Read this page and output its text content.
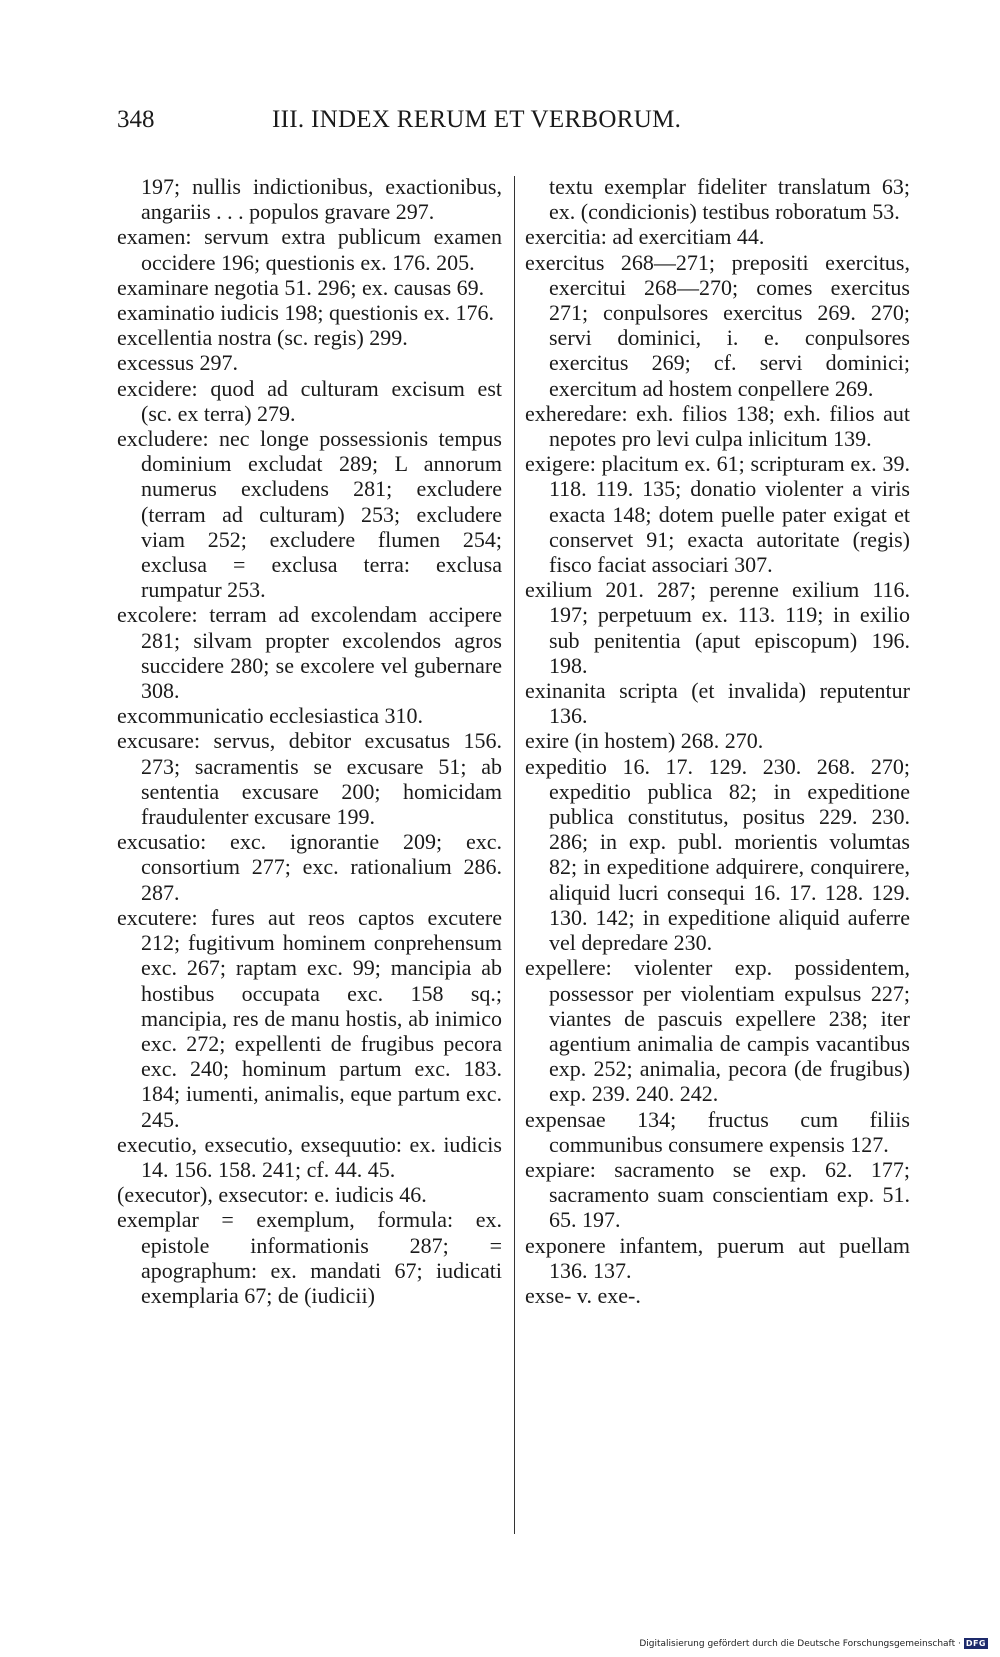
348	III. INDEX RERUM ET VERBORUM.

197; nullis indictionibus, exactionibus, angariis . . . populos gravare 297.

examen: servum extra publicum examen occidere 196; questionis ex. 176. 205.

examinare negotia 51. 296; ex. causas 69.

examinatio iudicis 198; questionis ex. 176.

excellentia nostra (sc. regis) 299.

excessus 297.

excidere: quod ad culturam excisum est (sc. ex terra) 279.

excludere: nec longe possessionis tempus dominium excludat 289; L annorum numerus excludens 281; excludere (terram ad culturam) 253; excludere viam 252; excludere flumen 254; exclusa = exclusa terra: exclusa rumpatur 253.

excolere: terram ad excolendam accipere 281; silvam propter excolendos agros succidere 280; se excolere vel gubernare 308.

excommunicatio ecclesiastica 310.

excusare: servus, debitor excusatus 156. 273; sacramentis se excusare 51; ab sententia excusare 200; homicidam fraudulenter excusare 199.

excusatio: exc. ignorantie 209; exc. consortium 277; exc. rationalium 286. 287.

excutere: fures aut reos captos excutere 212; fugitivum hominem conprehensum exc. 267; raptam exc. 99; mancipia ab hostibus occupata exc. 158 sq.; mancipia, res de manu hostis, ab inimico exc. 272; expellenti de frugibus pecora exc. 240; hominum partum exc. 183. 184; iumenti, animalis, eque partum exc. 245.

executio, exsecutio, exsequutio: ex. iudicis 14. 156. 158. 241; cf. 44. 45.

(executor), exsecutor: e. iudicis 46.

exemplar = exemplum, formula: ex. epistole informationis 287; = apographum: ex. mandati 67; iudicati exemplaria 67; de (iudicii)

textu exemplar fideliter translatum 63; ex. (condicionis) testibus roboratum 53.

exercitia: ad exercitiam 44.

exercitus 268—271; prepositi exercitus, exercitui 268—270; comes exercitus 271; conpulsores exercitus 269. 270; servi dominici, i. e. conpulsores exercitus 269; cf. servi dominici; exercitum ad hostem conpellere 269.

exheredare: exh. filios 138; exh. filios aut nepotes pro levi culpa inlicitum 139.

exigere: placitum ex. 61; scripturam ex. 39. 118. 119. 135; donatio violenter a viris exacta 148; dotem puelle pater exigat et conservet 91; exacta autoritate (regis) fisco faciat associari 307.

exilium 201. 287; perenne exilium 116. 197; perpetuum ex. 113. 119; in exilio sub penitentia (aput episcopum) 196. 198.

exinanita scripta (et invalida) reputentur 136.

exire (in hostem) 268. 270.

expeditio 16. 17. 129. 230. 268. 270; expeditio publica 82; in expeditione publica constitutus, positus 229. 230. 286; in exp. publ. morientis volumtas 82; in expeditione adquirere, conquirere, aliquid lucri consequi 16. 17. 128. 129. 130. 142; in expeditione aliquid auferre vel depredare 230.

expellere: violenter exp. possidentem, possessor per violentiam expulsus 227; viantes de pascuis expellere 238; iter agentium animalia de campis vacantibus exp. 252; animalia, pecora (de frugibus) exp. 239. 240. 242.

expensae 134; fructus cum filiis communibus consumere expensis 127.

expiare: sacramento se exp. 62. 177; sacramento suam conscientiam exp. 51. 65. 197.

exponere infantem, puerum aut puellam 136. 137.

exse- v. exe-.

Digitalisierung gefördert durch die Deutsche Forschungsgemeinschaft · DFG
